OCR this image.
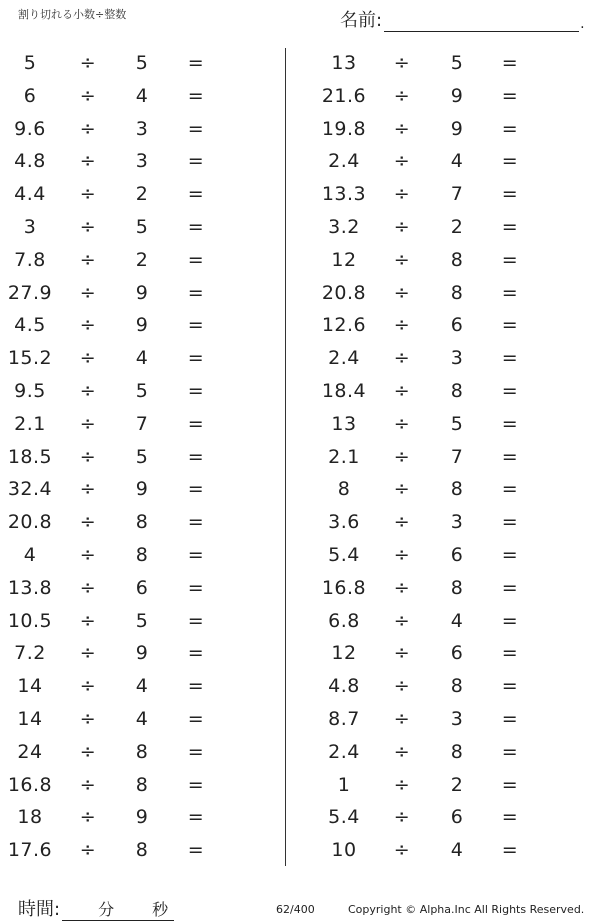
割り切れる小数÷整数	名前:	.
5	÷	5	=
6	÷	4	=
9.6	÷	3	=
4.8	÷	3	=
4.4	÷	2	=
3	÷	5	=
7.8	÷	2	=
27.9	÷	9	=
4.5	÷	9	=
15.2	÷	4	=
9.5	÷	5	=
2.1	÷	7	=
18.5	÷	5	=
32.4	÷	9	=
20.8	÷	8	=
4	÷	8	=
13.8	÷	6	=
10.5	÷	5	=
7.2	÷	9	=
14	÷	4	=
14	÷	4	=
24	÷	8	=
16.8	÷	8	=
18	÷	9	=
17.6	÷	8	=
13	÷	5	=
21.6	÷	9	=
19.8	÷	9	=
2.4	÷	4	=
13.3	÷	7	=
3.2	÷	2	=
12	÷	8	=
20.8	÷	8	=
12.6	÷	6	=
2.4	÷	3	=
18.4	÷	8	=
13	÷	5	=
2.1	÷	7	=
8	÷	8	=
3.6	÷	3	=
5.4	÷	6	=
16.8	÷	8	=
6.8	÷	4	=
12	÷	6	=
4.8	÷	8	=
8.7	÷	3	=
2.4	÷	8	=
1	÷	2	=
5.4	÷	6	=
10	÷	4	=
時間: 分 秒	62/400	Copyright © Alpha.Inc All Rights Reserved.
